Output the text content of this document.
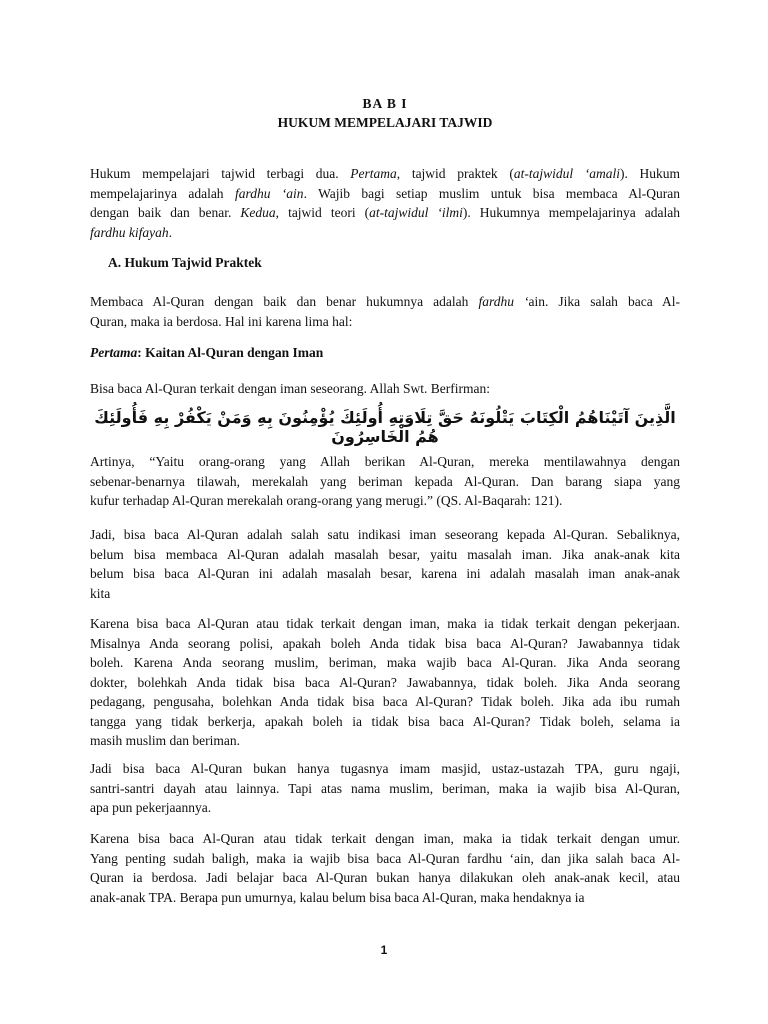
BA B I
HUKUM MEMPELAJARI TAJWID
Hukum mempelajari tajwid terbagi dua. Pertama, tajwid praktek (at-tajwidul ‘amali). Hukum
mempelajarinya adalah fardhu ‘ain. Wajib bagi setiap muslim untuk bisa membaca Al-Quran
dengan baik dan benar. Kedua, tajwid teori (at-tajwidul ‘ilmi). Hukumnya mempelajarinya adalah
fardhu kifayah.
A. Hukum Tajwid Praktek
Membaca Al-Quran dengan baik dan benar hukumnya adalah fardhu ‘ain. Jika salah baca Al-
Quran, maka ia berdosa. Hal ini karena lima hal:
Pertama: Kaitan Al-Quran dengan Iman
Bisa baca Al-Quran terkait dengan iman seseorang. Allah Swt. Berfirman:
الَّذِينَ آتَيْنَاهُمُ الْكِتَابَ يَتْلُونَهُ حَقَّ تِلَاوَتِهِ أُولَئِكَ يُؤْمِنُونَ بِهِ وَمَنْ يَكْفُرْ بِهِ فَأُولَئِكَ هُمُ الْخَاسِرُونَ
Artinya, “Yaitu orang-orang yang Allah berikan Al-Quran, mereka mentilawahnya dengan
sebenar-benarnya tilawah, merekalah yang beriman kepada Al-Quran. Dan barang siapa yang
kufur terhadap Al-Quran merekalah orang-orang yang merugi.” (QS. Al-Baqarah: 121).
Jadi, bisa baca Al-Quran adalah salah satu indikasi iman seseorang kepada Al-Quran. Sebaliknya,
belum bisa membaca Al-Quran adalah masalah besar, yaitu masalah iman. Jika anak-anak kita
belum bisa baca Al-Quran ini adalah masalah besar, karena ini adalah masalah iman anak-anak
kita
Karena bisa baca Al-Quran atau tidak terkait dengan iman, maka ia tidak terkait dengan pekerjaan.
Misalnya Anda seorang polisi, apakah boleh Anda tidak bisa baca Al-Quran? Jawabannya tidak
boleh. Karena Anda seorang muslim, beriman, maka wajib baca Al-Quran. Jika Anda seorang
dokter, bolehkah Anda tidak bisa baca Al-Quran? Jawabannya, tidak boleh. Jika Anda seorang
pedagang, pengusaha, bolehkan Anda tidak bisa baca Al-Quran? Tidak boleh. Jika ada ibu rumah
tangga yang tidak berkerja, apakah boleh ia tidak bisa baca Al-Quran? Tidak boleh, selama ia
masih muslim dan beriman.
Jadi bisa baca Al-Quran bukan hanya tugasnya imam masjid, ustaz-ustazah TPA, guru ngaji,
santri-santri dayah atau lainnya. Tapi atas nama muslim, beriman, maka ia wajib bisa Al-Quran,
apa pun pekerjaannya.
Karena bisa baca Al-Quran atau tidak terkait dengan iman, maka ia tidak terkait dengan umur.
Yang penting sudah baligh, maka ia wajib bisa baca Al-Quran fardhu ‘ain, dan jika salah baca Al-
Quran ia berdosa. Jadi belajar baca Al-Quran bukan hanya dilakukan oleh anak-anak kecil, atau
anak-anak TPA. Berapa pun umurnya, kalau belum bisa baca Al-Quran, maka hendaknya ia
1
